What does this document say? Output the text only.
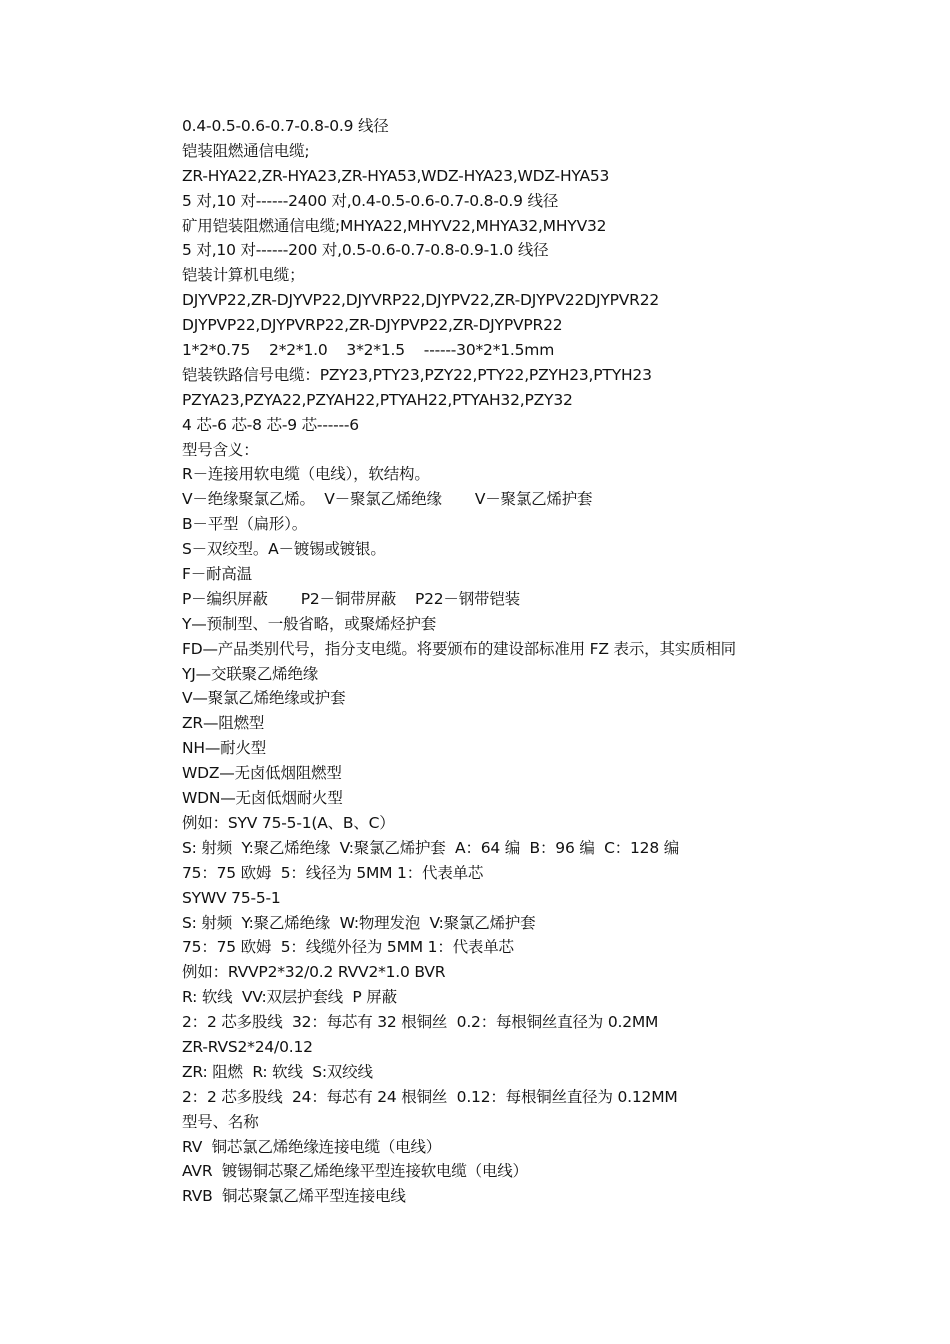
0.4-0.5-0.6-0.7-0.8-0.9 线径
铠装阻燃通信电缆;
ZR-HYA22,ZR-HYA23,ZR-HYA53,WDZ-HYA23,WDZ-HYA53
5 对,10 对------2400 对,0.4-0.5-0.6-0.7-0.8-0.9 线径
矿用铠装阻燃通信电缆;MHYA22,MHYV22,MHYA32,MHYV32
5 对,10 对------200 对,0.5-0.6-0.7-0.8-0.9-1.0 线径
铠装计算机电缆；
DJYVP22,ZR-DJYVP22,DJYVRP22,DJYPV22,ZR-DJYPV22DJYPVR22
DJYPVP22,DJYPVRP22,ZR-DJYPVP22,ZR-DJYPVPR22
1*2*0.75    2*2*1.0    3*2*1.5    ------30*2*1.5mm
铠装铁路信号电缆：PZY23,PTY23,PZY22,PTY22,PZYH23,PTYH23
PZYA23,PZYA22,PZYAH22,PTYAH22,PTYAH32,PZY32
4 芯-6 芯-8 芯-9 芯------6
型号含义：
R－连接用软电缆（电线），软结构。
V－绝缘聚氯乙烯。  V－聚氯乙烯绝缘       V－聚氯乙烯护套
B－平型（扁形）。
S－双绞型。A－镀锡或镀银。
F－耐高温
P－编织屏蔽       P2－铜带屏蔽    P22－钢带铠装
Y—预制型、一般省略，或聚烯烃护套
FD—产品类别代号，指分支电缆。将要颁布的建设部标准用 FZ 表示，其实质相同
YJ—交联聚乙烯绝缘
V—聚氯乙烯绝缘或护套
ZR—阻燃型
NH—耐火型
WDZ—无卤低烟阻燃型
WDN—无卤低烟耐火型
例如：SYV 75-5-1(A、B、C）
S: 射频  Y:聚乙烯绝缘  V:聚氯乙烯护套  A：64 编  B：96 编  C：128 编
75：75 欧姆  5：线径为 5MM 1：代表单芯
SYWV 75-5-1
S: 射频  Y:聚乙烯绝缘  W:物理发泡  V:聚氯乙烯护套
75：75 欧姆  5：线缆外径为 5MM 1：代表单芯
例如：RVVP2*32/0.2 RVV2*1.0 BVR
R: 软线  VV:双层护套线  P 屏蔽
2：2 芯多股线  32：每芯有 32 根铜丝  0.2：每根铜丝直径为 0.2MM
ZR-RVS2*24/0.12
ZR: 阻燃  R: 软线  S:双绞线
2：2 芯多股线  24：每芯有 24 根铜丝  0.12：每根铜丝直径为 0.12MM
型号、名称
RV  铜芯氯乙烯绝缘连接电缆（电线）
AVR  镀锡铜芯聚乙烯绝缘平型连接软电缆（电线）
RVB  铜芯聚氯乙烯平型连接电线
